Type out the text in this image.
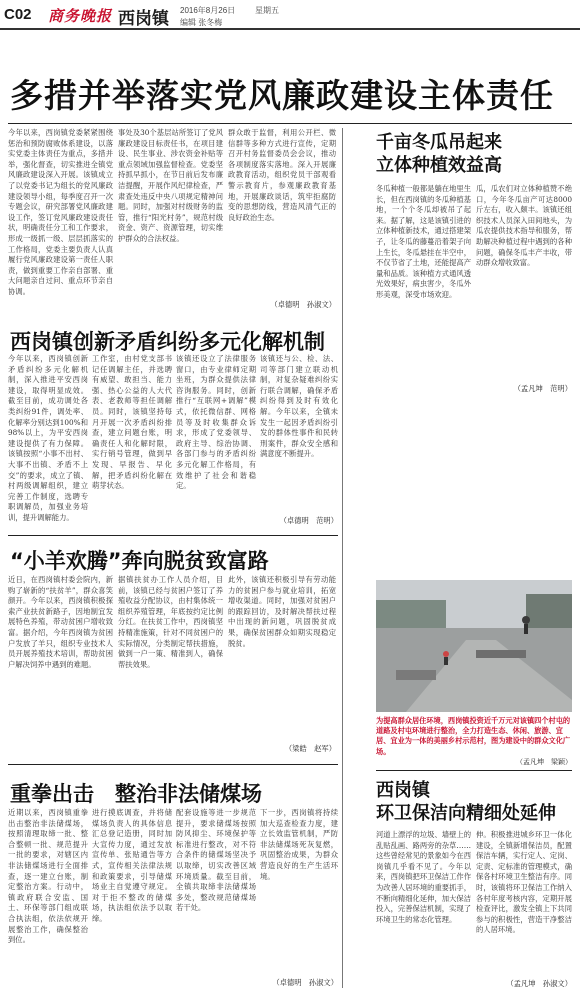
C02 商务晚报 西岗镇 2016年8月26日 星期五
编辑 张冬梅
多措并举落实党风廉政建设主体责任
今年以来，西岗镇党委紧紧围绕惩治和预防腐败体系建设，以落实党委主体责任为重点，多措并举，强化督查，切实推进全镇党风廉政建设深入开展。该镇成立了以党委书记为组长的党风廉政建设领导小组，每季度召开一次专题会议，研究部署党风廉政建设工作，签订党风廉政建设责任状，明确责任分工和工作要求，形成一级抓一级、层层抓落实的工作格局，党委主要负责人认真履行党风廉政建设第一责任人职责，做到重要工作亲自部署、重大问题亲自过问、重点环节亲自协调。
事处及30个基层站所签订了党风廉政建设目标责任书，在项目建设、民生事业、涉农资金补贴等重点领域加强监督检查。党委坚持抓早抓小，在节日前后发布廉洁提醒，开展作风纪律检查，严肃查处违反中央八项规定精神问题。同时，加强对村级财务的监管，推行“阳光村务”，规范村级资金、资产、资源管理，切实维护群众的合法权益。
群众敢于监督，利用公开栏、微信群等多种方式进行宣传，定期召开村务监督委员会会议，推动各项制度落实落地。深入开展廉政教育活动，组织党员干部观看警示教育片，参观廉政教育基地，开展廉政谈话，筑牢拒腐防变的思想防线，营造风清气正的良好政治生态。
（卓德明　孙淑文）
西岗镇创新矛盾纠纷多元化解机制
今年以来，西岗镇创新矛盾纠纷多元化解机制，深入推进平安西岗建设，取得明显成效。截至目前，成功调处各类纠纷91件，调处率、化解率分别达到100%和98%以上，为平安西岗建设提供了有力保障。该镇按照“小事不出村、大事不出镇、矛盾不上交”的要求，成立了镇、村两级调解组织，建立完善工作制度，选聘专职调解员，加强业务培训，提升调解能力。
工作室，由村党支部书记任调解主任，并选聘有威望、敢担当、能力强、热心公益的人大代表、老教师等担任调解员。同时，该镇坚持每月开展一次矛盾纠纷排查，建立问题台账，明确责任人和化解时限，实行销号管理，做到早发现、早报告、早化解，把矛盾纠纷化解在萌芽状态。
该镇还设立了法律服务窗口，由专业律师定期坐班，为群众提供法律咨询服务。同时，创新推行“互联网+调解”模式，依托微信群、网格员等及时收集群众诉求，形成了党委领导、政府主导、综治协调、各部门参与的矛盾纠纷多元化解工作格局，有效维护了社会和谐稳定。
该镇还与公、检、法、司等部门建立联动机制，对复杂疑难纠纷实行联合调解，确保矛盾纠纷得到及时有效化解。今年以来，全镇未发生一起因矛盾纠纷引发的群体性事件和民转刑案件，群众安全感和满意度不断提升。
（卓德明　范明）
“小羊欢腾”奔向脱贫致富路
近日，在西岗镇村委会院内，新购了崭新的“扶贫羊”，群众喜笑颜开。今年以来，西岗镇积极探索产业扶贫新路子，因地制宜发展特色养殖，带动贫困户增收致富。据介绍，今年西岗镇为贫困户发放了羊只，组织专业技术人员开展养殖技术培训，帮助贫困户解决饲养中遇到的难题。
据镇扶贫办工作人员介绍，目前，该镇已经与贫困户签订了养殖收益分配协议，由村集体统一组织养殖管理，年底按约定比例分红。在扶贫工作中，西岗镇坚持精准施策，针对不同贫困户的实际情况，分类制定帮扶措施，做到一户一策、精准到人，确保帮扶效果。
此外，该镇还积极引导有劳动能力的贫困户参与就业培训，拓宽增收渠道。同时，加强对贫困户的跟踪回访，及时解决帮扶过程中出现的新问题，巩固脱贫成果，确保贫困群众如期实现稳定脱贫。
（梁皓　赵军）
重拳出击　整治非法储煤场
近期以来，西岗镇重拳出击整治非法储煤场，按照清理取缔一批、整合整顿一批、规范提升一批的要求，对辖区内非法储煤场进行全面排查，逐一建立台账，制定整治方案。行动中，镇政府联合安监、国土、环保等部门组成联合执法组，依法依规开展整治工作，确保整治到位。
进行摸底调查，并将储煤场负责人的具体信息汇总登记造册，同时加大宣传力度，通过发放宣传单、张贴通告等方式，宣传相关法律法规和政策要求，引导储煤场业主自觉遵守规定。对于拒不整改的储煤场，执法组依法予以取缔。
配套设施等进一步规范提升，要求储煤场按照防风抑尘、环境保护等标准进行整改，对不符合条件的储煤场坚决予以取缔，切实改善区域环境质量。截至目前，全镇共取缔非法储煤场多处，整改规范储煤场若干处。
下一步，西岗镇将持续加大巡查检查力度，建立长效监管机制，严防非法储煤场死灰复燃，巩固整治成果，为群众营造良好的生产生活环境。
（卓德明　孙淑文）
千亩冬瓜吊起来
立体种植效益高
冬瓜种植一般都是躺在地里生长，但在西岗镇的冬瓜种植基地，一个个冬瓜却被吊了起来。据了解，这是该镇引进的立体种植新技术，通过搭建架子，让冬瓜的藤蔓沿着架子向上生长，冬瓜悬挂在半空中，不仅节省了土地，还能提高产量和品质。该种植方式通风透光效果好，病虫害少，冬瓜外形美观，深受市场欢迎。
瓜，瓜农们对立体种植赞不绝口，今年冬瓜亩产可达8000斤左右，收入颇丰。该镇还组织技术人员深入田间地头，为瓜农提供技术指导和服务，帮助解决种植过程中遇到的各种问题，确保冬瓜丰产丰收，带动群众增收致富。
（孟凡坤　范明）
为提高群众居住环境，西岗镇投资近千万元对该镇四个村屯的道路及村屯环境进行整治，全力打造生态、休闲、旅游、宜居、宜业为一体的美丽乡村示范村，图为建设中的群众文化广场。
（孟凡坤　梁颖）
西岗镇
环卫保洁向精细处延伸
河道上漂浮的垃圾、墙壁上的乱贴乱画、路两旁的杂草……这些曾经常见的景象如今在西岗镇几乎看不见了。今年以来，西岗镇把环卫保洁工作作为改善人居环境的重要抓手，不断向精细化延伸，加大保洁投入，完善保洁机制，实现了环境卫生的常态化管理。
伸。积极推进城乡环卫一体化建设，全镇新增保洁员，配置保洁车辆，实行定人、定岗、定责、定标准的管理模式，确保各村环境卫生整洁有序。同时，该镇将环卫保洁工作纳入各村年度考核内容，定期开展检查评比，激发全镇上下共同参与的积极性，营造干净整洁的人居环境。
（孟凡坤　孙淑文）
